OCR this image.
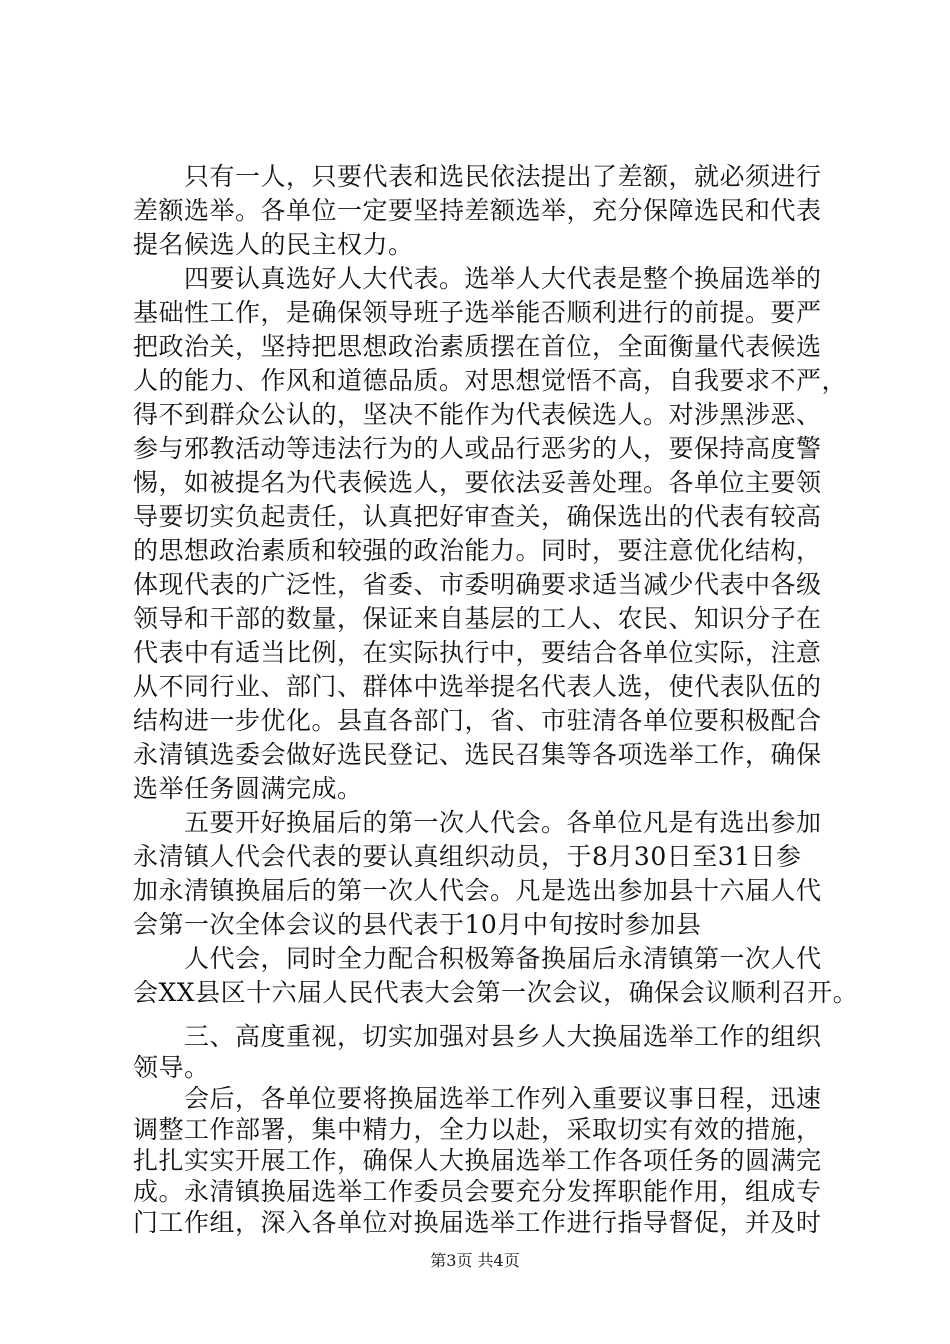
　　只有一人，只要代表和选民依法提出了差额，就必须进行
差额选举。各单位一定要坚持差额选举，充分保障选民和代表
提名候选人的民主权力。
　　四要认真选好人大代表。选举人大代表是整个换届选举的
基础性工作，是确保领导班子选举能否顺利进行的前提。要严
把政治关，坚持把思想政治素质摆在首位，全面衡量代表候选
人的能力、作风和道德品质。对思想觉悟不高，自我要求不严，
得不到群众公认的，坚决不能作为代表候选人。对涉黑涉恶、
参与邪教活动等违法行为的人或品行恶劣的人，要保持高度警
惕，如被提名为代表候选人，要依法妥善处理。各单位主要领
导要切实负起责任，认真把好审查关，确保选出的代表有较高
的思想政治素质和较强的政治能力。同时，要注意优化结构，
体现代表的广泛性，省委、市委明确要求适当减少代表中各级
领导和干部的数量，保证来自基层的工人、农民、知识分子在
代表中有适当比例，在实际执行中，要结合各单位实际，注意
从不同行业、部门、群体中选举提名代表人选，使代表队伍的
结构进一步优化。县直各部门，省、市驻清各单位要积极配合
永清镇选委会做好选民登记、选民召集等各项选举工作，确保
选举任务圆满完成。
　　五要开好换届后的第一次人代会。各单位凡是有选出参加
永清镇人代会代表的要认真组织动员，于8月30日至31日参
加永清镇换届后的第一次人代会。凡是选出参加县十六届人代
会第一次全体会议的县代表于10月中旬按时参加县
　　人代会，同时全力配合积极筹备换届后永清镇第一次人代
会XX县区十六届人民代表大会第一次会议，确保会议顺利召开。
　　三、高度重视，切实加强对县乡人大换届选举工作的组织
领导。
　　会后，各单位要将换届选举工作列入重要议事日程，迅速
调整工作部署，集中精力，全力以赴，采取切实有效的措施，
扎扎实实开展工作，确保人大换届选举工作各项任务的圆满完
成。永清镇换届选举工作委员会要充分发挥职能作用，组成专
门工作组，深入各单位对换届选举工作进行指导督促，并及时
第3页 共4页
